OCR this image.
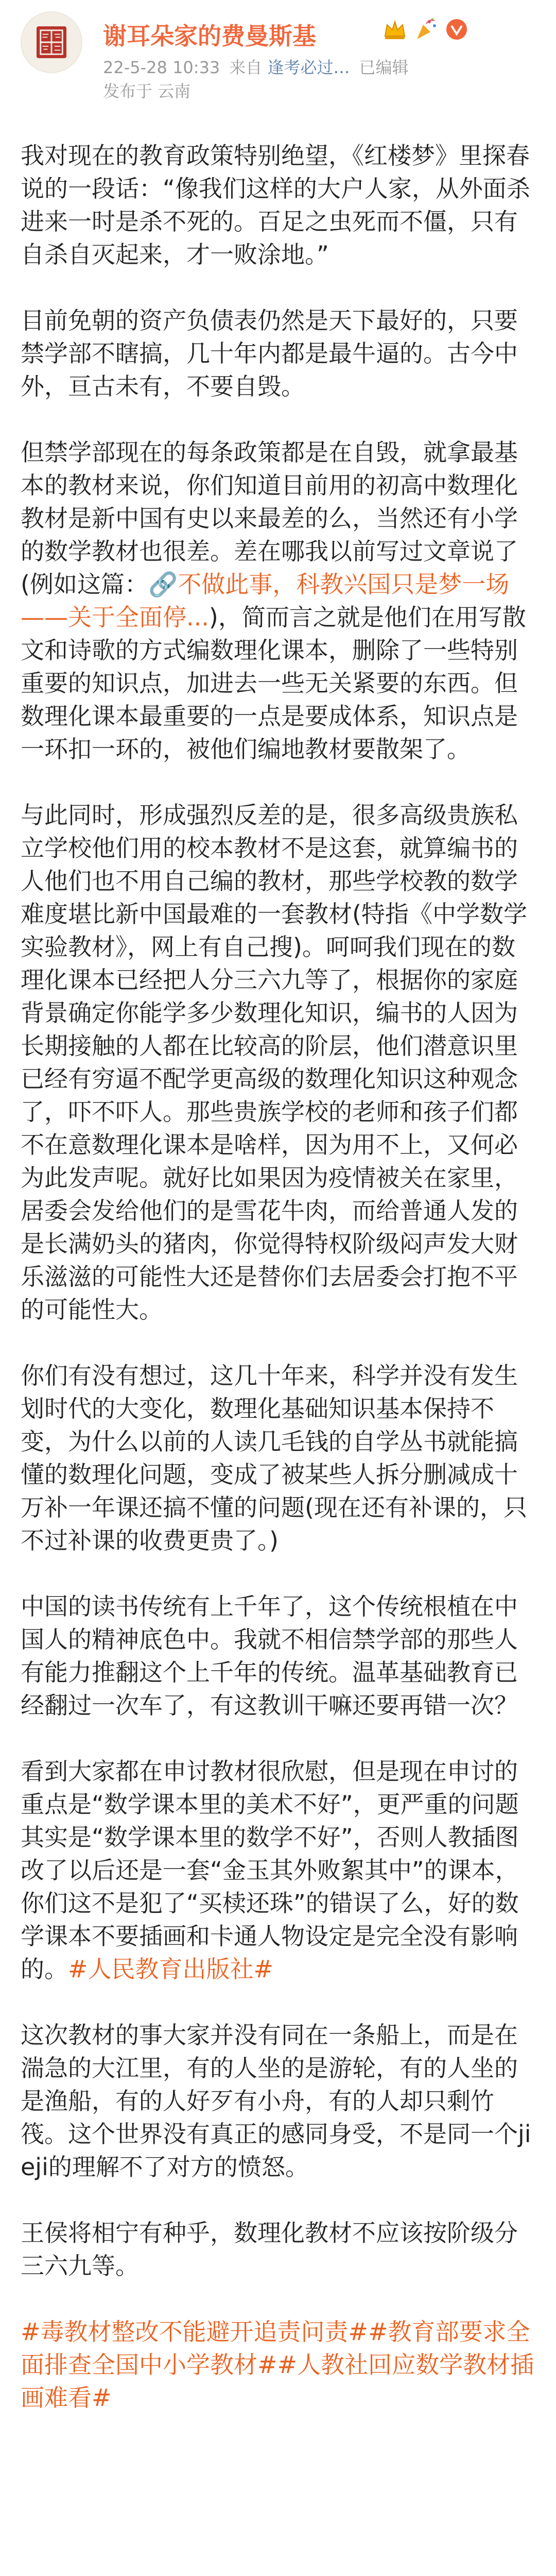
谢耳朵家的费曼斯基
22-5-28 10:33 来自 逢考必过… 已编辑
发布于 云南

我对现在的教育政策特别绝望，《红楼梦》里探春说的一段话：“像我们这样的大户人家，从外面杀进来一时是杀不死的。百足之虫死而不僵，只有自杀自灭起来，才一败涂地。”

目前免朝的资产负债表仍然是天下最好的，只要禁学部不瞎搞，几十年内都是最牛逼的。古今中外，亘古未有，不要自毁。

但禁学部现在的每条政策都是在自毁，就拿最基本的教材来说，你们知道目前用的初高中数理化教材是新中国有史以来最差的么，当然还有小学的数学教材也很差。差在哪我以前写过文章说了(例如这篇：🔗不做此事，科教兴国只是梦一场——关于全面停...)，简而言之就是他们在用写散文和诗歌的方式编数理化课本，删除了一些特别重要的知识点，加进去一些无关紧要的东西。但数理化课本最重要的一点是要成体系，知识点是一环扣一环的，被他们编地教材要散架了。

与此同时，形成强烈反差的是，很多高级贵族私立学校他们用的校本教材不是这套，就算编书的人他们也不用自己编的教材，那些学校教的数学难度堪比新中国最难的一套教材(特指《中学数学实验教材》，网上有自己搜)。呵呵我们现在的数理化课本已经把人分三六九等了，根据你的家庭背景确定你能学多少数理化知识，编书的人因为长期接触的人都在比较高的阶层，他们潜意识里已经有穷逼不配学更高级的数理化知识这种观念了，吓不吓人。那些贵族学校的老师和孩子们都不在意数理化课本是啥样，因为用不上，又何必为此发声呢。就好比如果因为疫情被关在家里，居委会发给他们的是雪花牛肉，而给普通人发的是长满奶头的猪肉，你觉得特权阶级闷声发大财乐滋滋的可能性大还是替你们去居委会打抱不平的可能性大。

你们有没有想过，这几十年来，科学并没有发生划时代的大变化，数理化基础知识基本保持不变，为什么以前的人读几毛钱的自学丛书就能搞懂的数理化问题，变成了被某些人拆分删减成十万补一年课还搞不懂的问题(现在还有补课的，只不过补课的收费更贵了。)

中国的读书传统有上千年了，这个传统根植在中国人的精神底色中。我就不相信禁学部的那些人有能力推翻这个上千年的传统。温革基础教育已经翻过一次车了，有这教训干嘛还要再错一次？

看到大家都在申讨教材很欣慰，但是现在申讨的重点是“数学课本里的美术不好”，更严重的问题其实是“数学课本里的数学不好”，否则人教插图改了以后还是一套“金玉其外败絮其中”的课本，你们这不是犯了“买椟还珠”的错误了么，好的数学课本不要插画和卡通人物设定是完全没有影响的。#人民教育出版社#

这次教材的事大家并没有同在一条船上，而是在湍急的大江里，有的人坐的是游轮，有的人坐的是渔船，有的人好歹有小舟，有的人却只剩竹筏。这个世界没有真正的感同身受，不是同一个jieji的理解不了对方的愤怒。

王侯将相宁有种乎，数理化教材不应该按阶级分三六九等。

#毒教材整改不能避开追责问责##教育部要求全面排查全国中小学教材##人教社回应数学教材插画难看#
